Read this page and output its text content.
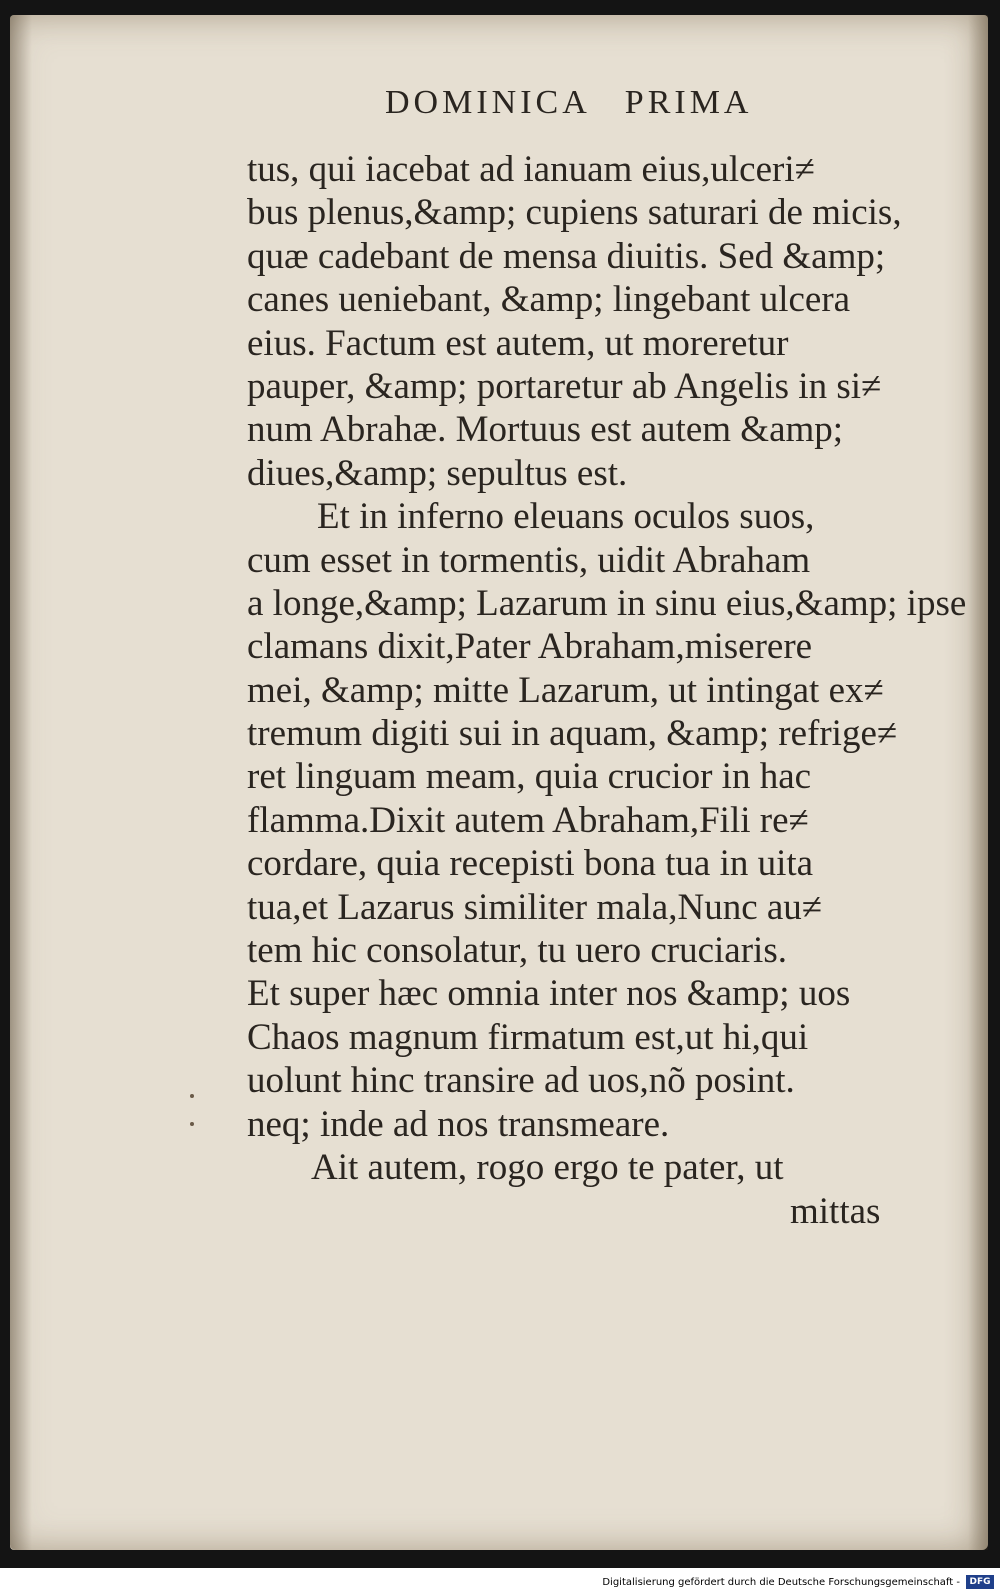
DOMINICA PRIMA
tus, qui iacebat ad ianuam eius,ulceri≠
bus plenus,&amp; cupiens saturari de micis,
quæ cadebant de mensa diuitis. Sed &amp;
canes ueniebant, &amp; lingebant ulcera
eius. Factum est autem, ut moreretur
pauper, &amp; portaretur ab Angelis in si≠
num Abrahæ. Mortuus est autem &amp;
diues,&amp; sepultus est.
Et in inferno eleuans oculos suos,
cum esset in tormentis, uidit Abraham
a longe,&amp; Lazarum in sinu eius,&amp; ipse
clamans dixit,Pater Abraham,miserere
mei, &amp; mitte Lazarum, ut intingat ex≠
tremum digiti sui in aquam, &amp; refrige≠
ret linguam meam, quia crucior in hac
flamma.Dixit autem Abraham,Fili re≠
cordare, quia recepisti bona tua in uita
tua,et Lazarus similiter mala,Nunc au≠
tem hic consolatur, tu uero cruciaris.
Et super hæc omnia inter nos &amp; uos
Chaos magnum firmatum est,ut hi,qui
uolunt hinc transire ad uos,nõ posint.
neq; inde ad nos transmeare.
Ait autem, rogo ergo te pater, ut
mittas
Digitalisierung gefördert durch die Deutsche Forschungsgemeinschaft -	DFG
